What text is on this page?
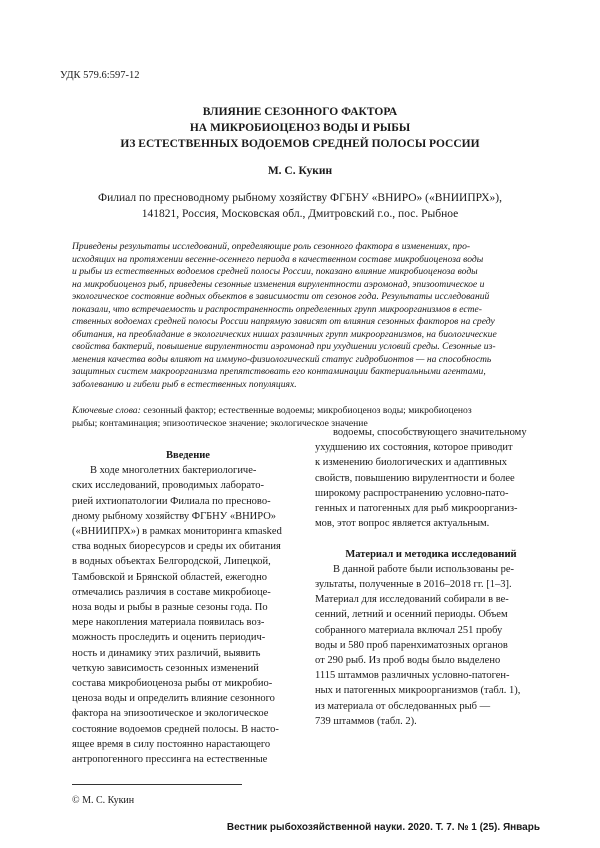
УДК 579.6:597-12
ВЛИЯНИЕ СЕЗОННОГО ФАКТОРА
НА МИКРОБИОЦЕНОЗ ВОДЫ И РЫБЫ
ИЗ ЕСТЕСТВЕННЫХ ВОДОЕМОВ СРЕДНЕЙ ПОЛОСЫ РОССИИ
М. С. Кукин
Филиал по пресноводному рыбному хозяйству ФГБНУ «ВНИРО» («ВНИИПРХ»),
141821, Россия, Московская обл., Дмитровский г.о., пос. Рыбное
Приведены результаты исследований, определяющие роль сезонного фактора в изменениях, про-
исходящих на протяжении весенне-осеннего периода в качественном составе микробиоценоза воды
и рыбы из естественных водоемов средней полосы России, показано влияние микробиоценоза воды
на микробиоценоз рыб, приведены сезонные изменения вирулентности аэромонад, эпизоотическое и
экологическое состояние водных объектов в зависимости от сезонов года. Результаты исследований
показали, что встречаемость и распространенность определенных групп микроорганизмов в есте-
ственных водоемах средней полосы России напрямую зависят от влияния сезонных факторов на среду
обитания, на преобладание в экологических нишах различных групп микроорганизмов, на биологические
свойства бактерий, повышение вирулентности аэромонад при ухудшении условий среды. Сезонные из-
менения качества воды влияют на иммуно-физиологический статус гидробионтов — на способность
защитных систем макроорганизма препятствовать его контаминации бактериальными агентами,
заболеванию и гибели рыб в естественных популяциях.
Ключевые слова: сезонный фактор; естественные водоемы; микробиоценоз воды; микробиоценоз
рыбы; контаминация; эпизоотическое значение; экологическое значение
Введение
В ходе многолетних бактериологиче-
ских исследований, проводимых лаборато-
рией ихтиопатологии Филиала по пресново-
дному рыбному хозяйству ФГБНУ «ВНИРО»
(«ВНИИПРХ») в рамках мониторинга кmasked
ства водных биоресурсов и среды их обитания
в водных объектах Белгородской, Липецкой,
Тамбовской и Брянской областей, ежегодно
отмечались различия в составе микробиоце-
ноза воды и рыбы в разные сезоны года. По
мере накопления материала появилась воз-
можность проследить и оценить периодич-
ность и динамику этих различий, выявить
четкую зависимость сезонных изменений
состава микробиоценоза рыбы от микробио-
ценоза воды и определить влияние сезонного
фактора на эпизоотическое и экологическое
состояние водоемов средней полосы. В насто-
ящее время в силу постоянно нарастающего
антропогенного прессинга на естественные
водоемы, способствующего значительному
ухудшению их состояния, которое приводит
к изменению биологических и адаптивных
свойств, повышению вирулентности и более
широкому распространению условно-пато-
генных и патогенных для рыб микроорганиз-
мов, этот вопрос является актуальным.
Материал и методика исследований
В данной работе были использованы ре-
зультаты, полученные в 2016–2018 гг. [1–3].
Материал для исследований собирали в ве-
сенний, летний и осенний периоды. Объем
собранного материала включал 251 пробу
воды и 580 проб паренхиматозных органов
от 290 рыб. Из проб воды было выделено
1115 штаммов различных условно-патоген-
ных и патогенных микроорганизмов (табл. 1),
из материала от обследованных рыб —
739 штаммов (табл. 2).
© М. С. Кукин
Вестник рыбохозяйственной науки. 2020. Т. 7. № 1 (25). Январь
